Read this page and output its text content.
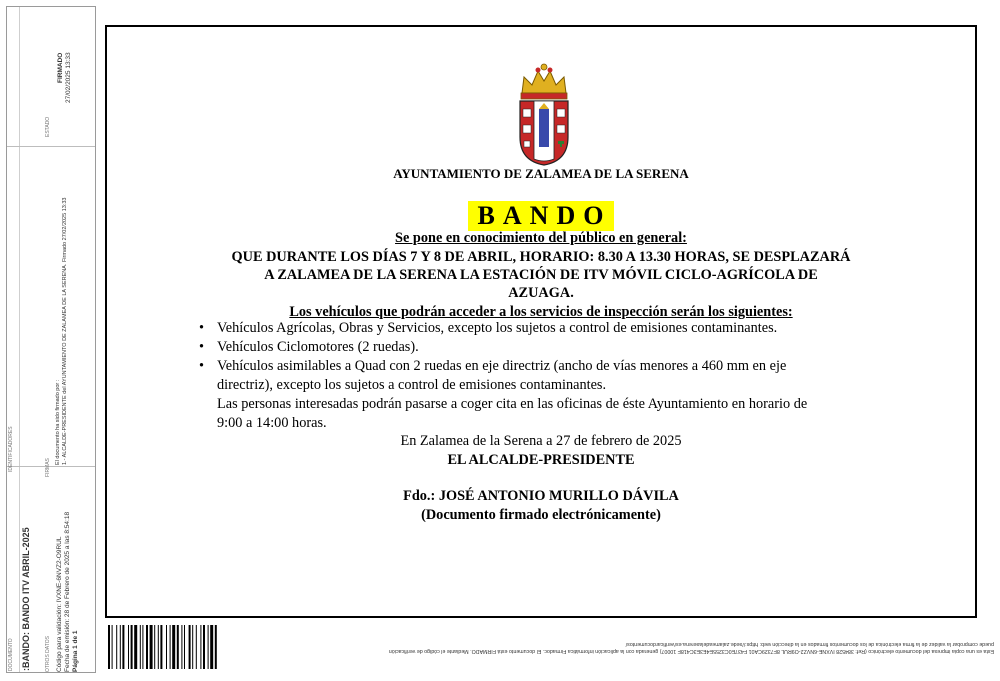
ESTADO
FIRMADO 27/02/2025 13:33
FIRMAS
El documento ha sido firmado por : 1.- ALCALDE-PRESIDENTE del AYUNTAMIENTO DE ZALAMEA DE LA SERENA. Firmado 27/02/2025 13:33
IDENTIFICADORES
OTROS DATOS Código para validación: IVXNE-6NVZ2-O9RUL Fecha de emisión: 28 de Febrero de 2025 a las 8:54:18 Página 1 de 1
DOCUMENTO :BANDO: BANDO ITV ABRIL-2025
AYUNTAMIENTO DE ZALAMEA DE LA SERENA
BANDO
Se pone en conocimiento del público en general:
QUE DURANTE LOS DÍAS 7 Y 8 DE ABRIL, HORARIO: 8.30 A 13.30 HORAS, SE DESPLAZARÁ
A ZALAMEA DE LA SERENA LA ESTACIÓN DE ITV MÓVIL CICLO-AGRÍCOLA DE
AZUAGA.
Los vehículos que podrán acceder a los servicios de inspección serán los siguientes:
• Vehículos Agrícolas, Obras y Servicios, excepto los sujetos a control de emisiones contaminantes.
• Vehículos Ciclomotores (2 ruedas).
• Vehículos asimilables a Quad con 2 ruedas en eje directriz (ancho de vías menores a 460 mm en eje
directriz), excepto los sujetos a control de emisiones contaminantes.
Las personas interesadas podrán pasarse a coger cita en las oficinas de éste Ayuntamiento en horario de
9:00 a 14:00 horas.
En Zalamea de la Serena a 27 de febrero de 2025
EL ALCALDE-PRESIDENTE
Fdo.: JOSÉ ANTONIO MURILLO DÁVILA
(Documento firmado electrónicamente)
Esta es una copia impresa del documento electrónico (Ref: 384528 IVXNE-6NVZ2-O9RUL 8F7329CA01 F437E0C3255E4E3E3C418F 10007) generada con la aplicación informática Firmadoc. El documento está FIRMADO. Mediante el código de verificación
puede comprobar la validez de la firma electrónica de los documentos firmados en la dirección web: https://sede.zalameadelaserena.es/verificardocumentos/
